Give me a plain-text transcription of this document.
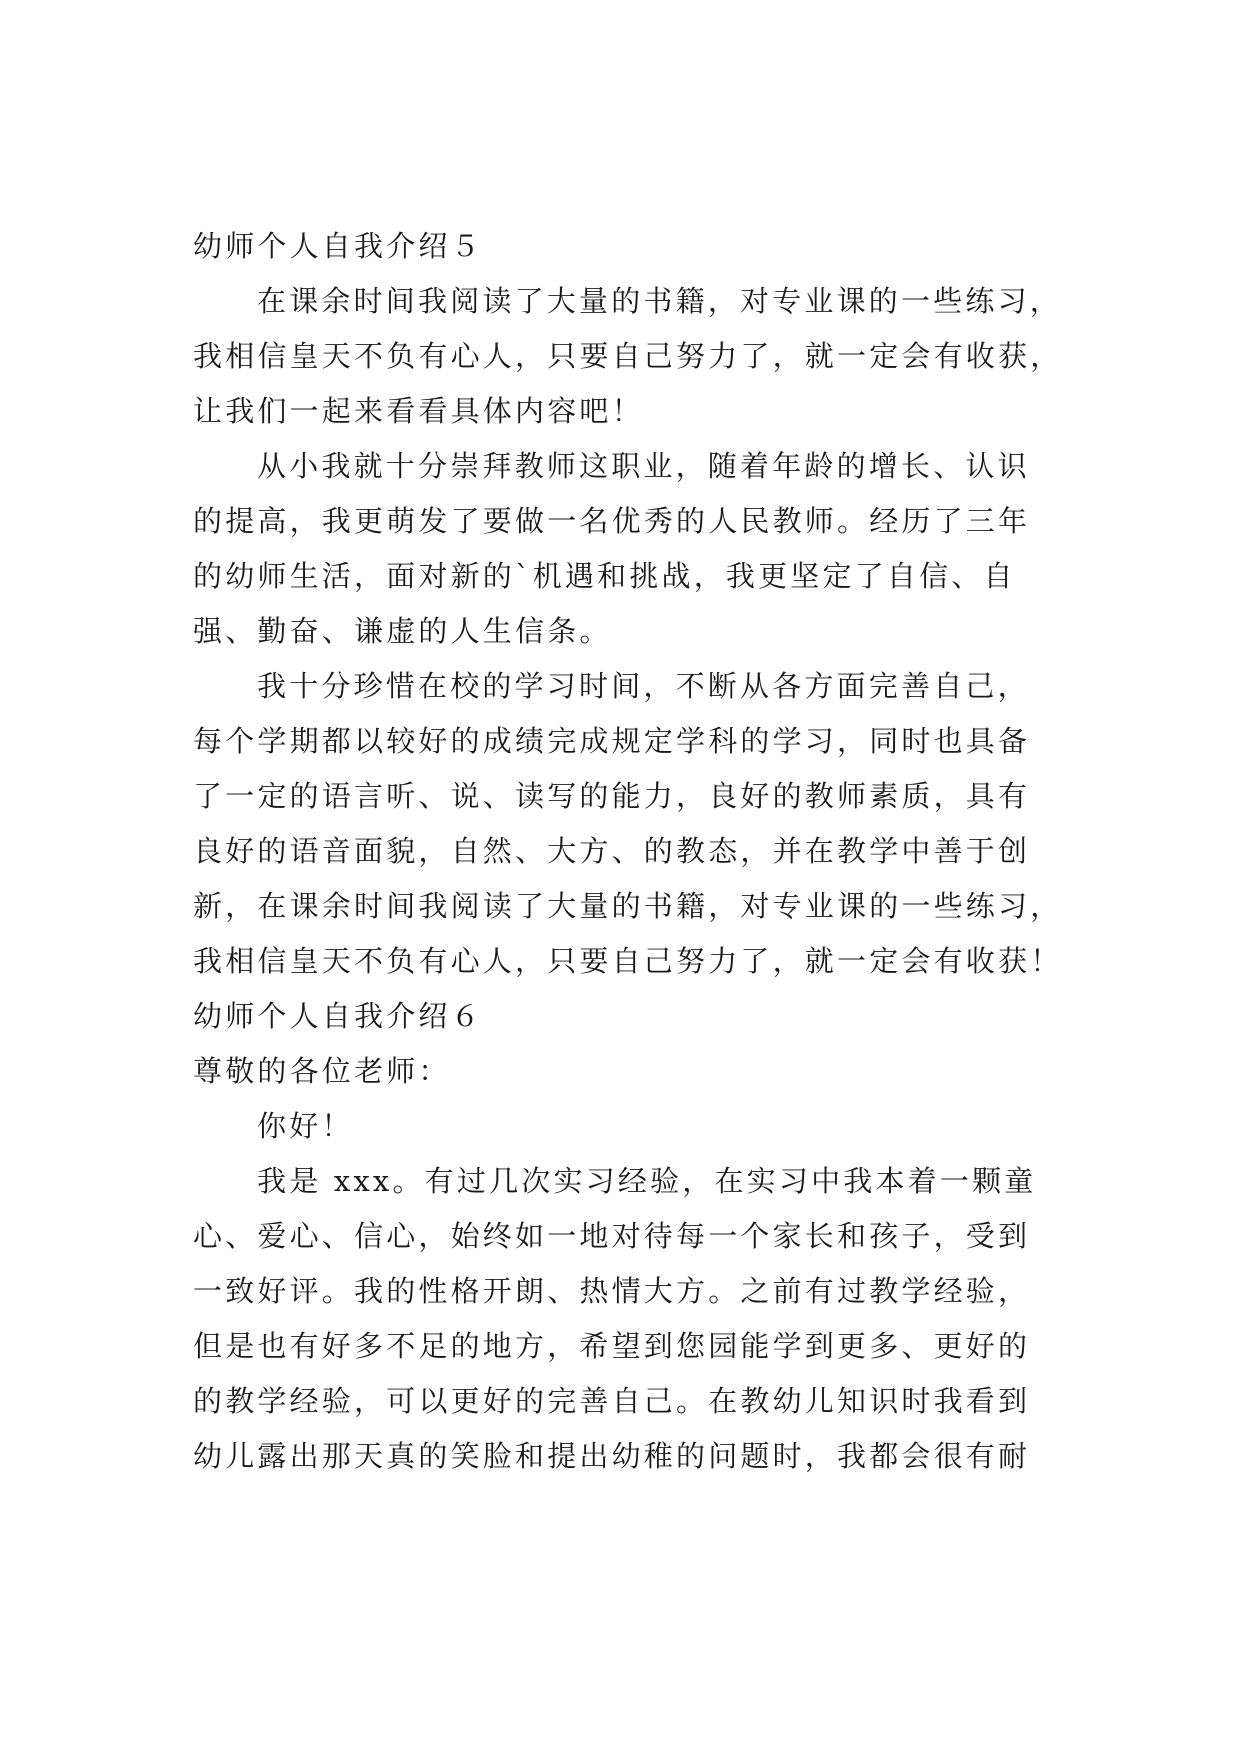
幼师个人自我介绍５
在课余时间我阅读了大量的书籍，对专业课的一些练习，
我相信皇天不负有心人，只要自己努力了，就一定会有收获，
让我们一起来看看具体内容吧！
从小我就十分崇拜教师这职业，随着年龄的增长、认识
的提高，我更萌发了要做一名优秀的人民教师。经历了三年
的幼师生活，面对新的`机遇和挑战，我更坚定了自信、自
强、勤奋、谦虚的人生信条。
我十分珍惜在校的学习时间，不断从各方面完善自己，
每个学期都以较好的成绩完成规定学科的学习，同时也具备
了一定的语言听、说、读写的能力，良好的教师素质，具有
良好的语音面貌，自然、大方、的教态，并在教学中善于创
新，在课余时间我阅读了大量的书籍，对专业课的一些练习，
我相信皇天不负有心人，只要自己努力了，就一定会有收获！
幼师个人自我介绍６
尊敬的各位老师：
你好！
我是 xxx。有过几次实习经验，在实习中我本着一颗童
心、爱心、信心，始终如一地对待每一个家长和孩子，受到
一致好评。我的性格开朗、热情大方。之前有过教学经验，
但是也有好多不足的地方，希望到您园能学到更多、更好的
的教学经验，可以更好的完善自己。在教幼儿知识时我看到
幼儿露出那天真的笑脸和提出幼稚的问题时，我都会很有耐
